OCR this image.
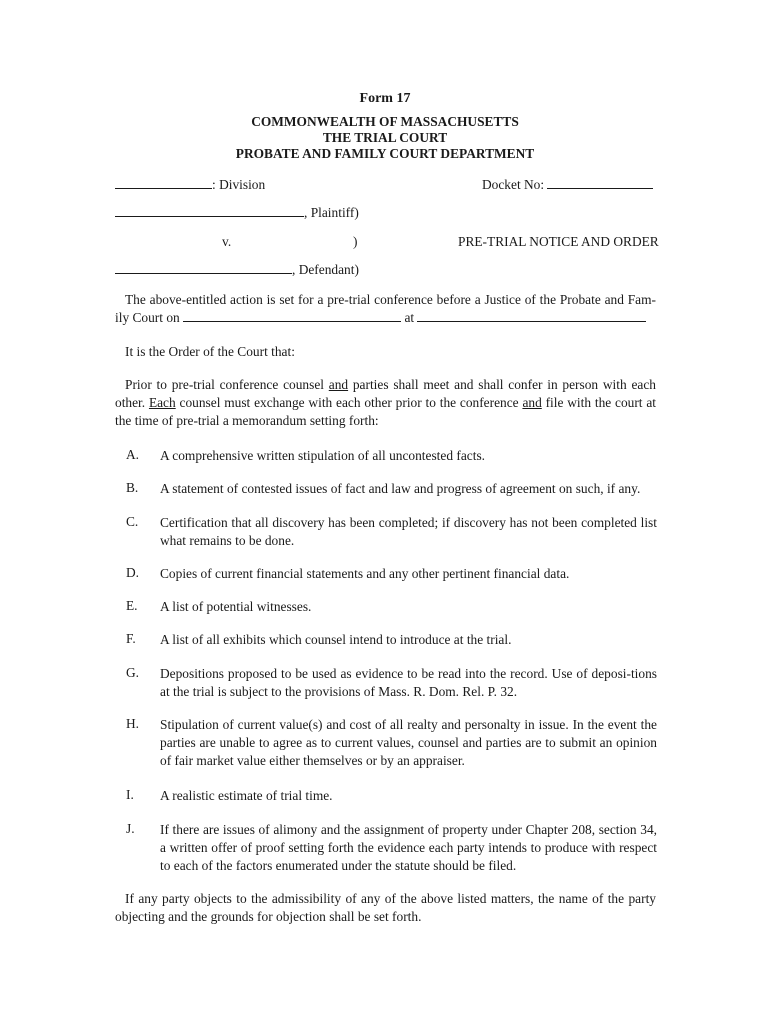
Form 17
COMMONWEALTH OF MASSACHUSETTS
THE TRIAL COURT
PROBATE AND FAMILY COURT DEPARTMENT
: Division	Docket No:
, Plaintiff)
v.	)	PRE-TRIAL NOTICE AND ORDER
, Defendant)
The above-entitled action is set for a pre-trial conference before a Justice of the Probate and Fam-ily Court on	at
It is the Order of the Court that:
Prior to pre-trial conference counsel and parties shall meet and shall confer in person with each other. Each counsel must exchange with each other prior to the conference and file with the court at the time of pre-trial a memorandum setting forth:
A. A comprehensive written stipulation of all uncontested facts.
B. A statement of contested issues of fact and law and progress of agreement on such, if any.
C. Certification that all discovery has been completed; if discovery has not been completed list what remains to be done.
D. Copies of current financial statements and any other pertinent financial data.
E. A list of potential witnesses.
F. A list of all exhibits which counsel intend to introduce at the trial.
G. Depositions proposed to be used as evidence to be read into the record. Use of deposi-tions at the trial is subject to the provisions of Mass. R. Dom. Rel. P. 32.
H. Stipulation of current value(s) and cost of all realty and personalty in issue. In the event the parties are unable to agree as to current values, counsel and parties are to submit an opinion of fair market value either themselves or by an appraiser.
I. A realistic estimate of trial time.
J. If there are issues of alimony and the assignment of property under Chapter 208, section 34, a written offer of proof setting forth the evidence each party intends to produce with respect to each of the factors enumerated under the statute should be filed.
If any party objects to the admissibility of any of the above listed matters, the name of the party objecting and the grounds for objection shall be set forth.
